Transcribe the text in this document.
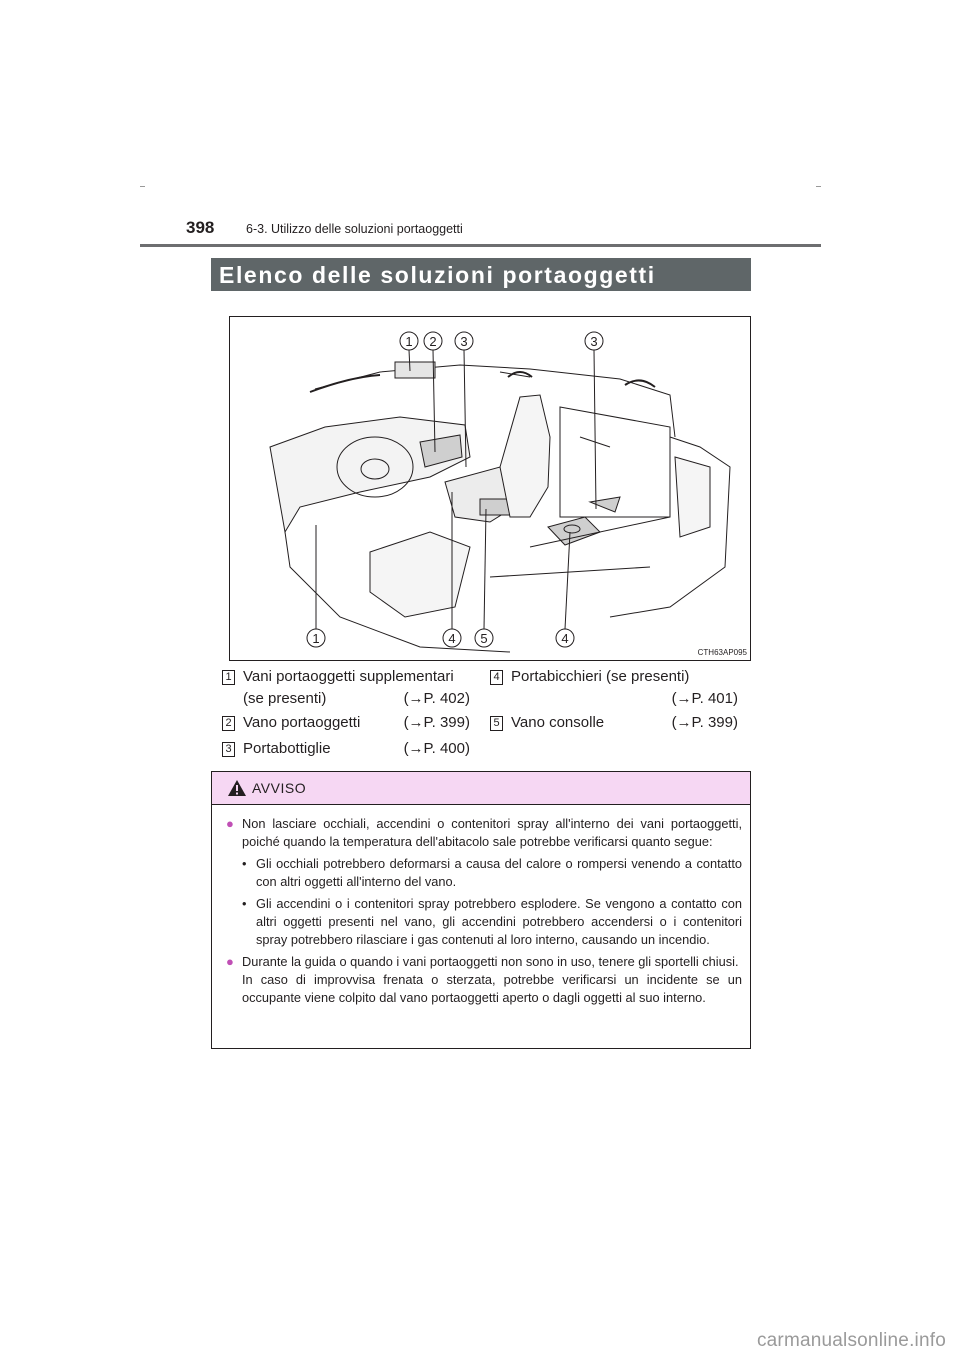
398	6-3. Utilizzo delle soluzioni portaoggetti
Elenco delle soluzioni portaoggetti
1 2 3	3
1	4 5	4
CTH63AP095
1 Vani portaoggetti supplementari
(se presenti)	(→P. 402)
2 Vano portaoggetti	(→P. 399)
3 Portabottiglie	(→P. 400)
4 Portabicchieri (se presenti)
(→P. 401)
5 Vano consolle	(→P. 399)
AVVISO
● Non lasciare occhiali, accendini o contenitori spray all'interno dei vani portaoggetti, poiché quando la temperatura dell'abitacolo sale potrebbe verificarsi quanto segue:
• Gli occhiali potrebbero deformarsi a causa del calore o rompersi venendo a contatto con altri oggetti all'interno del vano.
• Gli accendini o i contenitori spray potrebbero esplodere. Se vengono a contatto con altri oggetti presenti nel vano, gli accendini potrebbero accendersi o i contenitori spray potrebbero rilasciare i gas contenuti al loro interno, causando un incendio.
● Durante la guida o quando i vani portaoggetti non sono in uso, tenere gli sportelli chiusi.
In caso di improvvisa frenata o sterzata, potrebbe verificarsi un incidente se un occupante viene colpito dal vano portaoggetti aperto o dagli oggetti al suo interno.
carmanualsonline.info
